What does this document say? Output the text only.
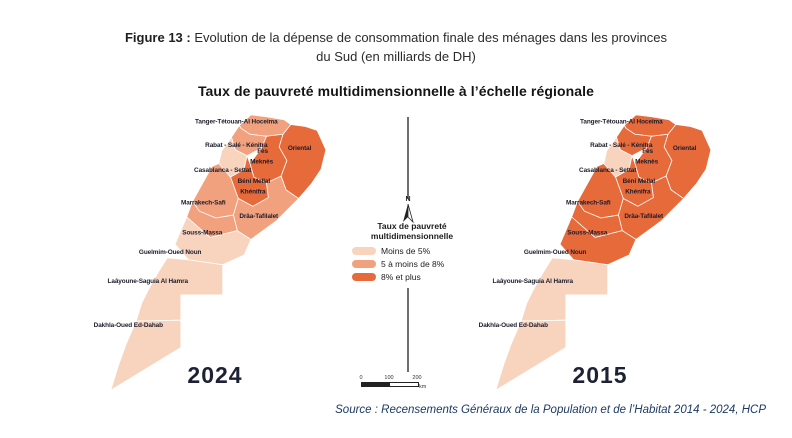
Figure 13 : Evolution de la dépense de consommation finale des ménages dans les provinces
du Sud (en milliards de DH)
Taux de pauvreté multidimensionnelle à l’échelle régionale
Tanger-Tétouan-Al Hoceima
Rabat - Salé - Kénitra
Fès
Meknès
Oriental
Casablanca - Settat
Béni Mellal
Khénifra
Marrakech-Safi
Drâa-Tafilalet
Souss-Massa
Guelmim-Oued Noun
Laâyoune-Saguia Al Hamra
Dakhla-Oued Ed-Dahab
2024
Tanger-Tétouan-Al Hoceima
Rabat - Salé - Kénitra
Fès
Meknès
Oriental
Casablanca - Settat
Béni Mellal
Khénifra
Marrakech-Safi
Drâa-Tafilalet
Souss-Massa
Guelmim-Oued Noun
Laâyoune-Saguia Al Hamra
Dakhla-Oued Ed-Dahab
2015
N
Taux de pauvreté
multidimensionnelle
Moins de 5%
5 à moins de 8%
8% et plus
0	100	200
km
Source : Recensements Généraux de la Population et de l’Habitat 2014 - 2024, HCP
